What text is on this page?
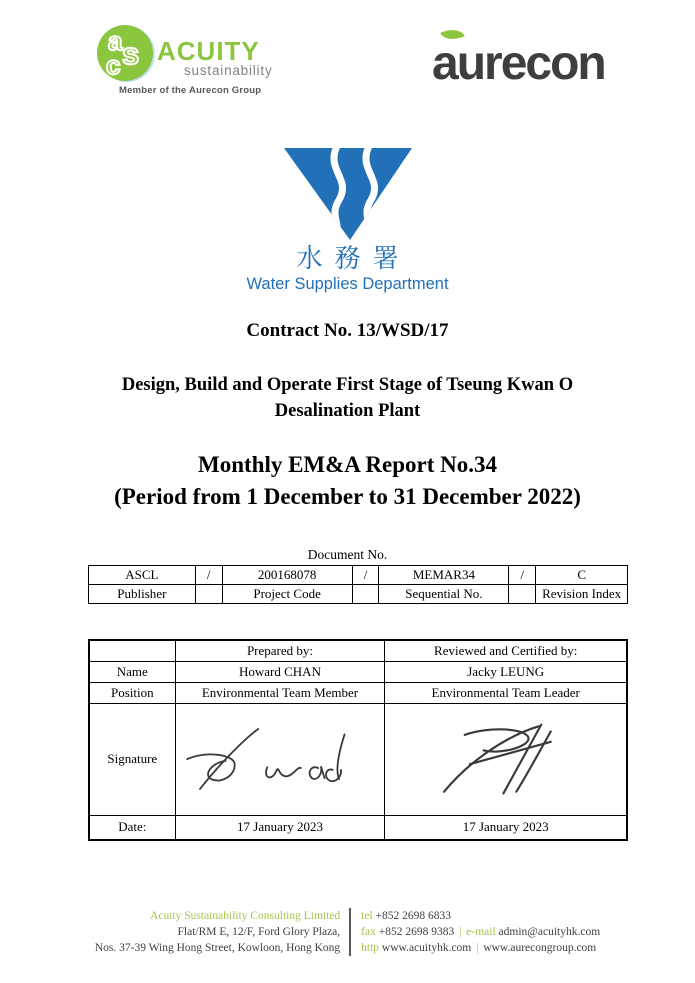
a s
c ACUITY
sustainability
Member of the Aurecon Group
aurecon
水務署
Water Supplies Department
Contract No. 13/WSD/17
Design, Build and Operate First Stage of Tseung Kwan O
Desalination Plant
Monthly EM&A Report No.34
(Period from 1 December to 31 December 2022)
Document No.
ASCL	/	200168078	/	MEMAR34	/	C
Publisher		Project Code		Sequential No.		Revision Index
	Prepared by:	Reviewed and Certified by:
Name	Howard CHAN	Jacky LEUNG
Position	Environmental Team Member	Environmental Team Leader
Signature	

Date:	17 January 2023	17 January 2023
Acuity Sustainability Consulting Limited
Flat/RM E, 12/F, Ford Glory Plaza,
Nos. 37-39 Wing Hong Street, Kowloon, Hong Kong
tel +852 2698 6833
fax +852 2698 9383 | e-mail admin@acuityhk.com
http www.acuityhk.com | www.aurecongroup.com
